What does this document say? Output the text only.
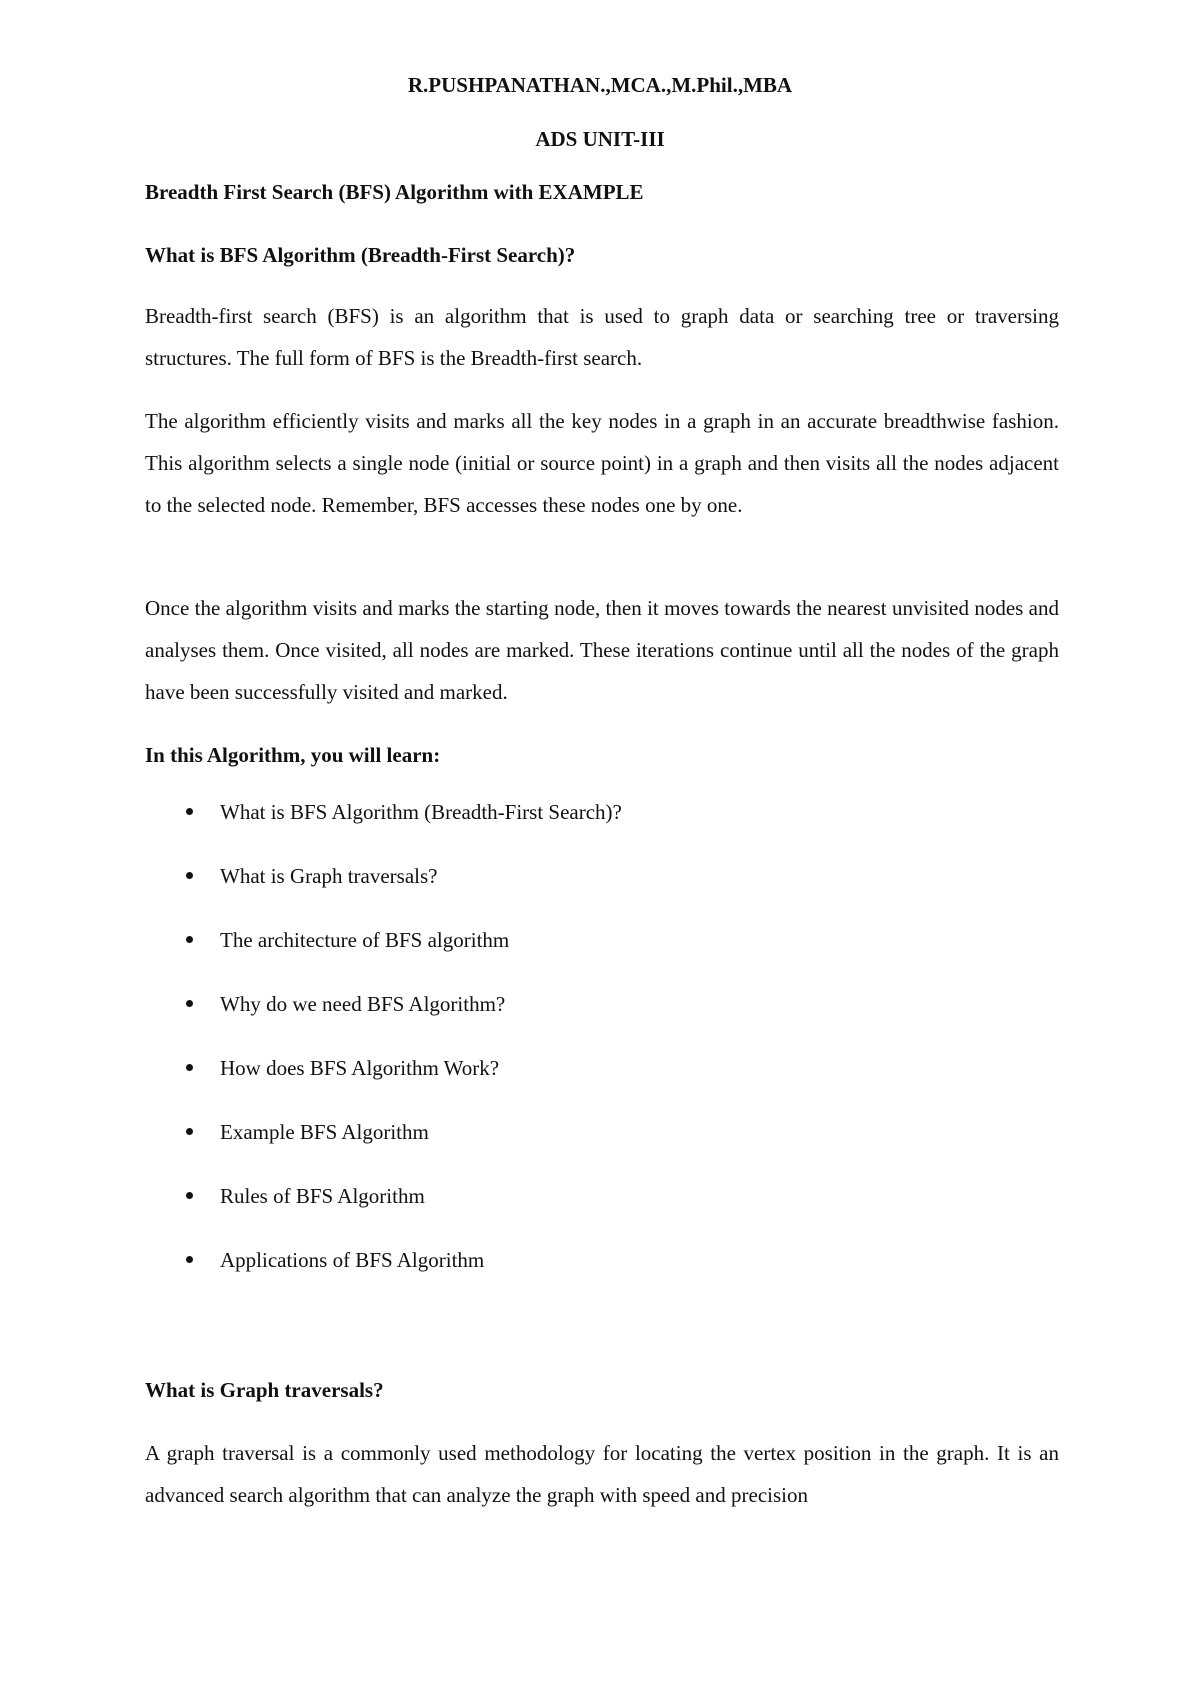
R.PUSHPANATHAN.,MCA.,M.Phil.,MBA

ADS UNIT-III

Breadth First Search (BFS) Algorithm with EXAMPLE

What is BFS Algorithm (Breadth-First Search)?

Breadth-first search (BFS) is an algorithm that is used to graph data or searching tree or traversing structures. The full form of BFS is the Breadth-first search.

The algorithm efficiently visits and marks all the key nodes in a graph in an accurate breadthwise fashion. This algorithm selects a single node (initial or source point) in a graph and then visits all the nodes adjacent to the selected node. Remember, BFS accesses these nodes one by one.

Once the algorithm visits and marks the starting node, then it moves towards the nearest unvisited nodes and analyses them. Once visited, all nodes are marked. These iterations continue until all the nodes of the graph have been successfully visited and marked.

In this Algorithm, you will learn:

What is BFS Algorithm (Breadth-First Search)?
What is Graph traversals?
The architecture of BFS algorithm
Why do we need BFS Algorithm?
How does BFS Algorithm Work?
Example BFS Algorithm
Rules of BFS Algorithm
Applications of BFS Algorithm

What is Graph traversals?

A graph traversal is a commonly used methodology for locating the vertex position in the graph. It is an advanced search algorithm that can analyze the graph with speed and precision
